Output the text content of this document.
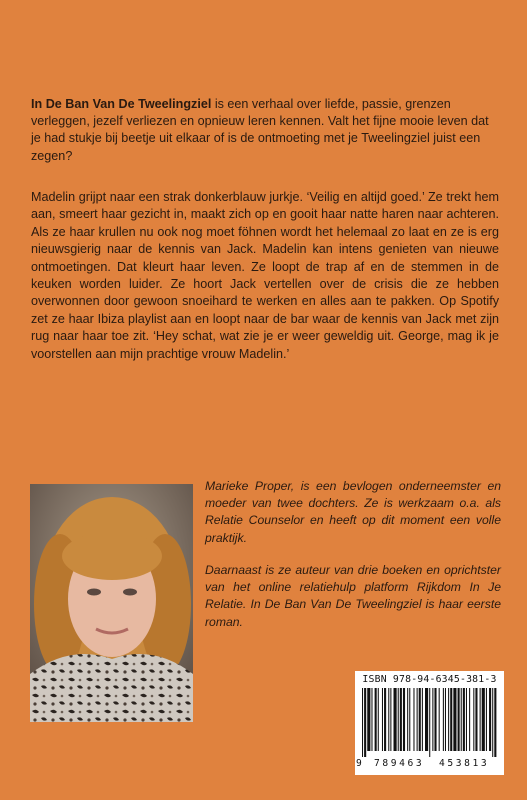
In De Ban Van De Tweelingziel is een verhaal over liefde, passie, grenzen verleggen, jezelf verliezen en opnieuw leren kennen. Valt het fijne mooie leven dat je had stukje bij beetje uit elkaar of is de ontmoeting met je Tweelingziel juist een zegen?

Madelin grijpt naar een strak donkerblauw jurkje. ‘Veilig en altijd goed.’ Ze trekt hem aan, smeert haar gezicht in, maakt zich op en gooit haar natte haren naar achteren. Als ze haar krullen nu ook nog moet föhnen wordt het helemaal zo laat en ze is erg nieuwsgierig naar de kennis van Jack. Madelin kan intens genieten van nieuwe ontmoetingen. Dat kleurt haar leven. Ze loopt de trap af en de stemmen in de keuken worden luider. Ze hoort Jack vertellen over de crisis die ze hebben overwonnen door gewoon snoeihard te werken en alles aan te pakken. Op Spotify zet ze haar Ibiza playlist aan en loopt naar de bar waar de kennis van Jack met zijn rug naar haar toe zit. ‘Hey schat, wat zie je er weer geweldig uit. George, mag ik je voorstellen aan mijn prachtige vrouw Madelin.’

Marieke Proper, is een bevlogen onderneemster en moeder van twee dochters. Ze is werkzaam o.a. als Relatie Counselor en heeft op dit moment een volle praktijk.

Daarnaast is ze auteur van drie boeken en oprichtster van het online relatiehulp platform Rijkdom In Je Relatie. In De Ban Van De Tweelingziel is haar eerste roman.

ISBN 978-94-6345-381-3
9 789463 453813
